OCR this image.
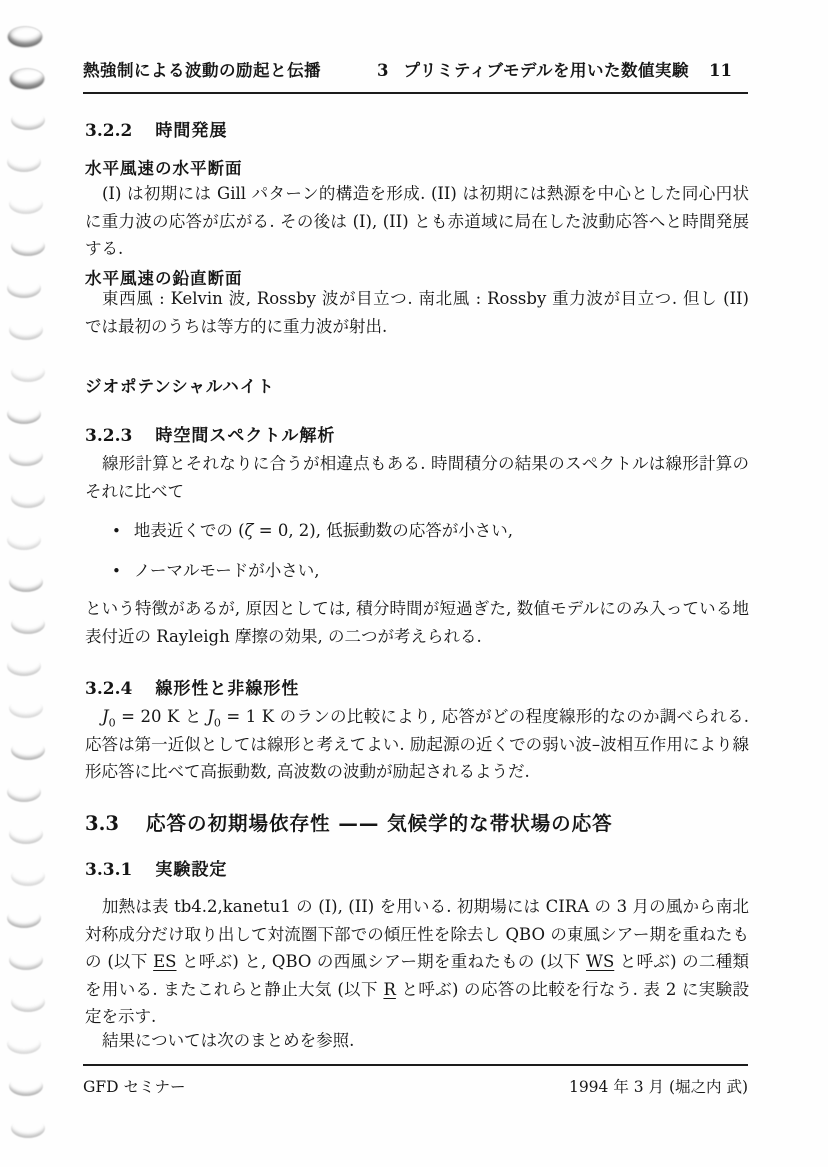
熱強制による波動の励起と伝播	3 プリミティブモデルを用いた数値実験 11
3.2.2 時間発展
水平風速の水平断面
(I) は初期には Gill パターン的構造を形成. (II) は初期には熱源を中心とした同心円状に重力波の応答が広がる. その後は (I), (II) とも赤道域に局在した波動応答へと時間発展する.
水平風速の鉛直断面
東西風 : Kelvin 波, Rossby 波が目立つ. 南北風 : Rossby 重力波が目立つ. 但し (II) では最初のうちは等方的に重力波が射出.
ジオポテンシャルハイト
3.2.3 時空間スペクトル解析
線形計算とそれなりに合うが相違点もある. 時間積分の結果のスペクトルは線形計算のそれに比べて
• 地表近くでの (ζ = 0, 2), 低振動数の応答が小さい,
• ノーマルモードが小さい,
という特徴があるが, 原因としては, 積分時間が短過ぎた, 数値モデルにのみ入っている地表付近の Rayleigh 摩擦の効果, の二つが考えられる.
3.2.4 線形性と非線形性
$J_0 = 20$ K と $J_0 = 1$ K のランの比較により, 応答がどの程度線形的なのか調べられる. 応答は第一近似としては線形と考えてよい. 励起源の近くでの弱い波–波相互作用により線形応答に比べて高振動数, 高波数の波動が励起されるようだ.
3.3 応答の初期場依存性 —— 気候学的な帯状場の応答
3.3.1 実験設定
加熱は表 tb4.2,kanetu1 の (I), (II) を用いる. 初期場には CIRA の 3 月の風から南北対称成分だけ取り出して対流圏下部での傾圧性を除去し QBO の東風シアー期を重ねたもの (以下 ES と呼ぶ) と, QBO の西風シアー期を重ねたもの (以下 WS と呼ぶ) の二種類を用いる. またこれらと静止大気 (以下 R と呼ぶ) の応答の比較を行なう. 表 2 に実験設定を示す.
結果については次のまとめを参照.
GFD セミナー	1994 年 3 月 (堀之内 武)
